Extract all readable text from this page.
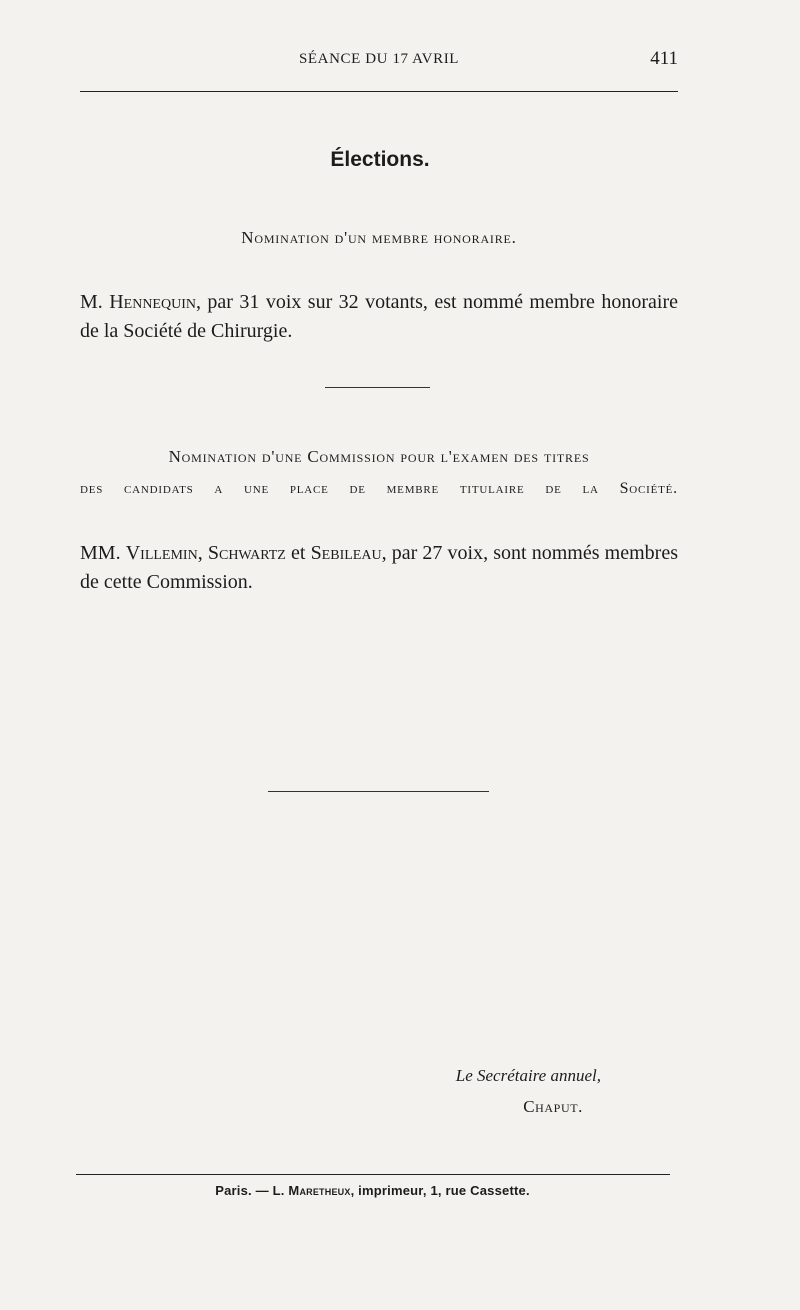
SÉANCE DU 17 AVRIL	411
Élections.
Nomination d'un membre honoraire.
M. Hennequin, par 31 voix sur 32 votants, est nommé membre honoraire de la Société de Chirurgie.
Nomination d'une Commission pour l'examen des titres
des candidats a une place de membre titulaire de la Société.
MM. Villemin, Schwartz et Sebileau, par 27 voix, sont nommés membres de cette Commission.
Le Secrétaire annuel,
Chaput.
Paris. — L. Maretheux, imprimeur, 1, rue Cassette.
